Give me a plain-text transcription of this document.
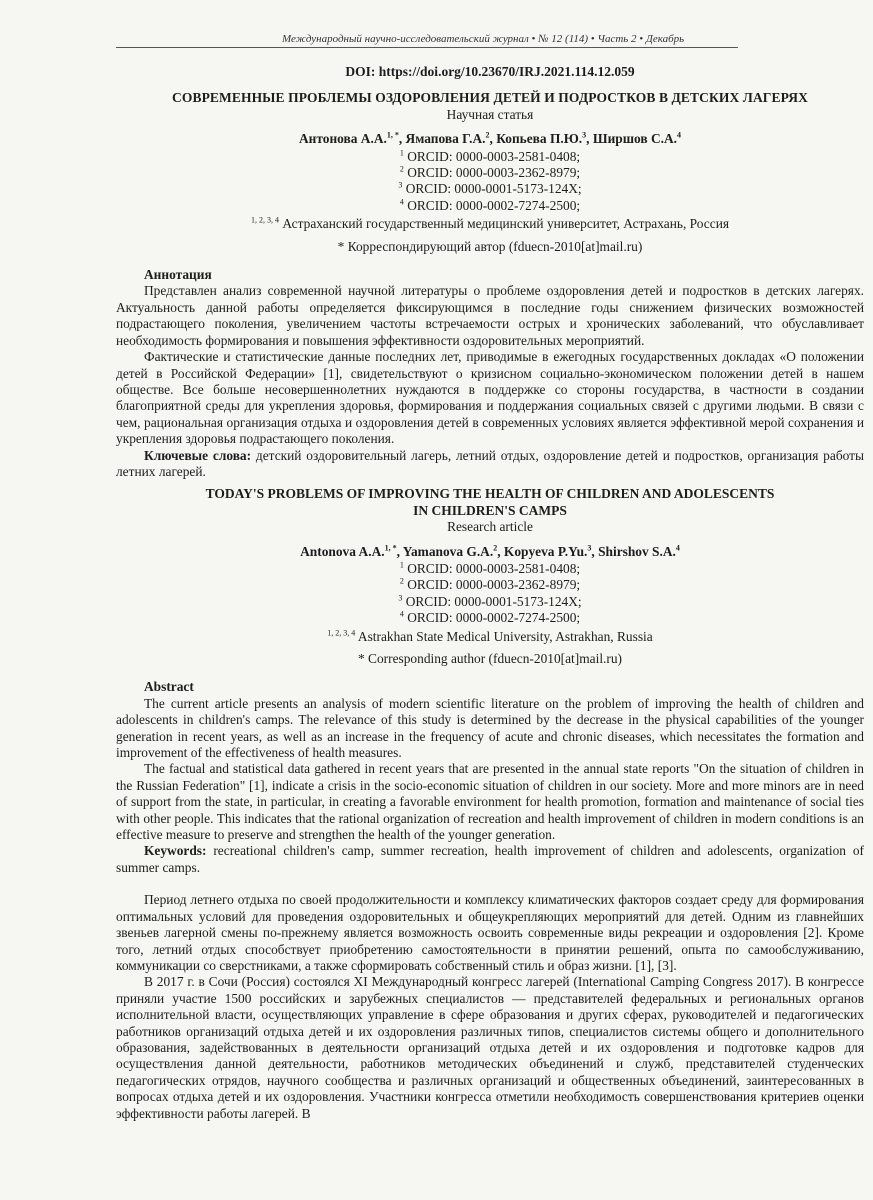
Международный научно-исследовательский журнал • № 12 (114) • Часть 2 • Декабрь
DOI: https://doi.org/10.23670/IRJ.2021.114.12.059
СОВРЕМЕННЫЕ ПРОБЛЕМЫ ОЗДОРОВЛЕНИЯ ДЕТЕЙ И ПОДРОСТКОВ В ДЕТСКИХ ЛАГЕРЯХ
Научная статья
Антонова А.А.$^{1, *}$, Ямапова Г.А.$^2$, Копьева П.Ю.$^3$, Ширшов С.А.$^4$
$^1$ ORCID: 0000-0003-2581-0408;
$^2$ ORCID: 0000-0003-2362-8979;
$^3$ ORCID: 0000-0001-5173-124X;
$^4$ ORCID: 0000-0002-7274-2500;
$^{1, 2, 3, 4}$ Астраханский государственный медицинский университет, Астрахань, Россия
* Корреспондирующий автор (fduecn-2010[at]mail.ru)
Аннотация

Представлен анализ современной научной литературы о проблеме оздоровления детей и подростков в детских лагерях. Актуальность данной работы определяется фиксирующимся в последние годы снижением физических возможностей подрастающего поколения, увеличением частоты встречаемости острых и хронических заболеваний, что обуславливает необходимость формирования и повышения эффективности оздоровительных мероприятий.

Фактические и статистические данные последних лет, приводимые в ежегодных государственных докладах «О положении детей в Российской Федерации» [1], свидетельствуют о кризисном социально-экономическом положении детей в нашем обществе. Все больше несовершеннолетних нуждаются в поддержке со стороны государства, в частности в создании благоприятной среды для укрепления здоровья, формирования и поддержания социальных связей с другими людьми. В связи с чем, рациональная организация отдыха и оздоровления детей в современных условиях является эффективной мерой сохранения и укрепления здоровья подрастающего поколения.

Ключевые слова: детский оздоровительный лагерь, летний отдых, оздоровление детей и подростков, организация работы летних лагерей.

TODAY'S PROBLEMS OF IMPROVING THE HEALTH OF CHILDREN AND ADOLESCENTS
IN CHILDREN'S CAMPS
Research article
Antonova A.A.$^{1, *}$, Yamanova G.A.$^2$, Kopyeva P.Yu.$^3$, Shirshov S.A.$^4$
$^1$ ORCID: 0000-0003-2581-0408;
$^2$ ORCID: 0000-0003-2362-8979;
$^3$ ORCID: 0000-0001-5173-124X;
$^4$ ORCID: 0000-0002-7274-2500;
$^{1, 2, 3, 4}$ Astrakhan State Medical University, Astrakhan, Russia
* Corresponding author (fduecn-2010[at]mail.ru)
Abstract

The current article presents an analysis of modern scientific literature on the problem of improving the health of children and adolescents in children's camps. The relevance of this study is determined by the decrease in the physical capabilities of the younger generation in recent years, as well as an increase in the frequency of acute and chronic diseases, which necessitates the formation and improvement of the effectiveness of health measures.

The factual and statistical data gathered in recent years that are presented in the annual state reports "On the situation of children in the Russian Federation" [1], indicate a crisis in the socio-economic situation of children in our society. More and more minors are in need of support from the state, in particular, in creating a favorable environment for health promotion, formation and maintenance of social ties with other people. This indicates that the rational organization of recreation and health improvement of children in modern conditions is an effective measure to preserve and strengthen the health of the younger generation.

Keywords: recreational children's camp, summer recreation, health improvement of children and adolescents, organization of summer camps.

Период летнего отдыха по своей продолжительности и комплексу климатических факторов создает среду для формирования оптимальных условий для проведения оздоровительных и общеукрепляющих мероприятий для детей. Одним из главнейших звеньев лагерной смены по-прежнему является возможность освоить современные виды рекреации и оздоровления [2]. Кроме того, летний отдых способствует приобретению самостоятельности в принятии решений, опыта по самообслуживанию, коммуникации со сверстниками, а также сформировать собственный стиль и образ жизни. [1], [3].

В 2017 г. в Сочи (Россия) состоялся XI Международный конгресс лагерей (International Camping Congress 2017). В конгрессе приняли участие 1500 российских и зарубежных специалистов — представителей федеральных и региональных органов исполнительной власти, осуществляющих управление в сфере образования и других сферах, руководителей и педагогических работников организаций отдыха детей и их оздоровления различных типов, специалистов системы общего и дополнительного образования, задействованных в деятельности организаций отдыха детей и их оздоровления и подготовке кадров для осуществления данной деятельности, работников методических объединений и служб, представителей студенческих педагогических отрядов, научного сообщества и различных организаций и общественных объединений, заинтересованных в вопросах отдыха детей и их оздоровления. Участники конгресса отметили необходимость совершенствования критериев оценки эффективности работы лагерей. В
